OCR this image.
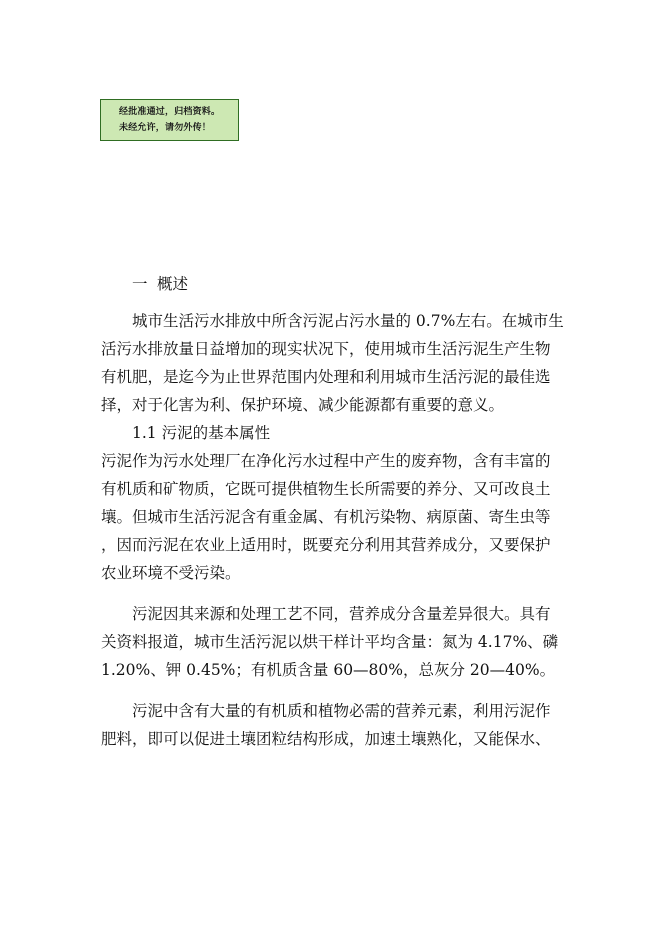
经批准通过，归档资料。
未经允许，请勿外传！
一 概述
城市生活污水排放中所含污泥占污水量的 0.7%左右。在城市生
活污水排放量日益增加的现实状况下，使用城市生活污泥生产生物
有机肥，是迄今为止世界范围内处理和利用城市生活污泥的最佳选
择，对于化害为利、保护环境、减少能源都有重要的意义。
1.1 污泥的基本属性
污泥作为污水处理厂在净化污水过程中产生的废弃物，含有丰富的
有机质和矿物质，它既可提供植物生长所需要的养分、又可改良土
壤。但城市生活污泥含有重金属、有机污染物、病原菌、寄生虫等
，因而污泥在农业上适用时，既要充分利用其营养成分，又要保护
农业环境不受污染。
污泥因其来源和处理工艺不同，营养成分含量差异很大。具有
关资料报道，城市生活污泥以烘干样计平均含量：氮为 4.17%、磷
1.20%、钾 0.45%；有机质含量 60—80%，总灰分 20—40%。
污泥中含有大量的有机质和植物必需的营养元素，利用污泥作
肥料，即可以促进土壤团粒结构形成，加速土壤熟化，又能保水、
